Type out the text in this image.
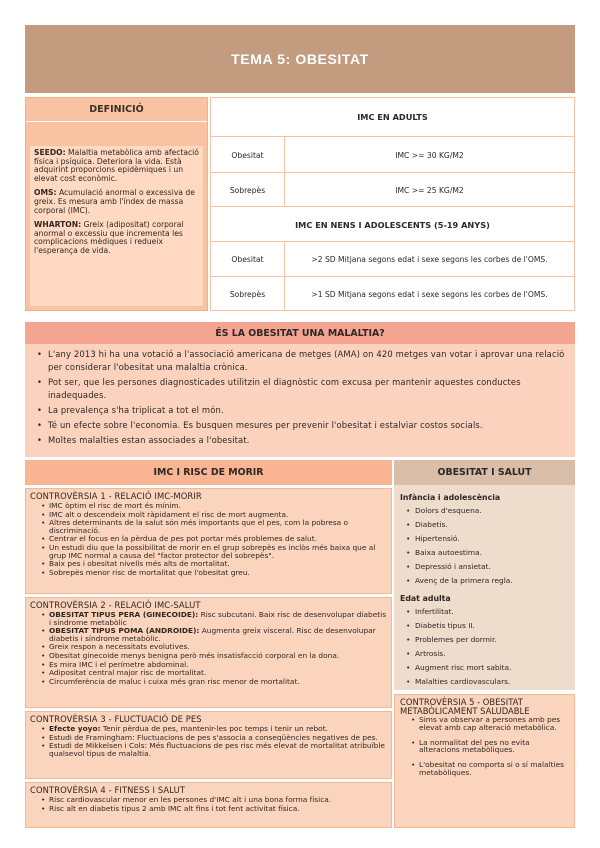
TEMA 5: OBESITAT
DEFINICIÓ

SEEDO: Malaltia metabòlica amb afectació física i psíquica. Deteriora la vida. Està adquirint proporcions epidèmiques i un elevat cost econòmic.

OMS: Acumulació anormal o excessiva de greix. Es mesura amb l'índex de massa corporal (IMC).

WHARTON: Greix (adipositat) corporal anormal o excessiu que incrementa les complicacions mèdiques i redueix l'esperança de vida.

IMC EN ADULTS
Obesitat	IMC >= 30 KG/M2
Sobrepès	IMC >= 25 KG/M2
IMC EN NENS I ADOLESCENTS (5-19 ANYS)
Obesitat	>2 SD Mitjana segons edat i sexe segons les corbes de l'OMS.
Sobrepès	>1 SD Mitjana segons edat i sexe segons les corbes de l'OMS.
ÉS LA OBESITAT UNA MALALTIA?
• L'any 2013 hi ha una votació a l'associació americana de metges (AMA) on 420 metges van votar i aprovar una relació per considerar l'obesitat una malaltia crònica.
• Pot ser, que les persones diagnosticades utilitzin el diagnòstic com excusa per mantenir aquestes conductes inadequades.
• La prevalença s'ha triplicat a tot el món.
• Té un efecte sobre l'economia. Es busquen mesures per prevenir l'obesitat i estalviar costos socials.
• Moltes malalties estan associades a l'obesitat.
IMC I RISC DE MORIR
CONTROVÈRSIA 1 - RELACIÓ IMC-MORIR
• IMC òptim el risc de mort és mínim.
• IMC alt o descendeix molt ràpidament el risc de mort augmenta.
• Altres determinants de la salut són més importants que el pes, com la pobresa o discriminació.
• Centrar el focus en la pèrdua de pes pot portar més problemes de salut.
• Un estudi diu que la possibilitat de morir en el grup sobrepès es inclòs més baixa que al grup IMC normal a causa del "factor protector del sobrepès".
• Baix pes i obesitat nivells més alts de mortalitat.
• Sobrepès menor risc de mortalitat que l'obesitat greu.
CONTROVÈRSIA 2 - RELACIÓ IMC-SALUT
• OBESITAT TIPUS PERA (GINECOIDE): Risc subcutani. Baix risc de desenvolupar diabetis i síndrome metabòlic
• OBESITAT TIPUS POMA (ANDROIDE): Augmenta greix visceral. Risc de desenvolupar diabetis i síndrome metabòlic.
• Greix respon a necessitats evolutives.
• Obesitat ginecoide menys benigna però més insatisfacció corporal en la dona.
• Es mira IMC i el perímetre abdominal.
• Adipositat central major risc de mortalitat.
• Circumferència de maluc i cuixa més gran risc menor de mortalitat.
CONTROVÈRSIA 3 - FLUCTUACIÓ DE PES
• Efecte yoyo: Tenir pèrdua de pes, mantenir-les poc temps i tenir un rebot.
• Estudi de Framingham: Fluctuacions de pes s'associa a conseqüències negatives de pes.
• Estudi de Mikkelsen i Cols: Més fluctuacions de pes risc més elevat de mortalitat atribuïble qualsevol tipus de malaltia.
CONTROVÈRSIA 4 - FITNESS I SALUT
• Risc cardiovascular menor en les persones d'IMC alt i una bona forma física.
• Risc alt en diabetis tipus 2 amb IMC alt fins i tot fent activitat física.
OBESITAT I SALUT
Infància i adolescència
• Dolors d'esquena.
• Diabetis.
• Hipertensió.
• Baixa autoestima.
• Depressió i ansietat.
• Avenç de la primera regla.
Edat adulta
• Infertilitat.
• Diabetis tipus II.
• Problemes per dormir.
• Artrosis.
• Augment risc mort sabita.
• Malalties cardiovasculars.
CONTROVÈRSIA 5 - OBESITAT METABÒLICAMENT SALUDABLE
• Sims va observar a persones amb pes elevat amb cap alteració metabòlica.
• La normalitat del pes no evita alteracions metabòliques.
• L'obesitat no comporta si o sí malalties metabòliques.
